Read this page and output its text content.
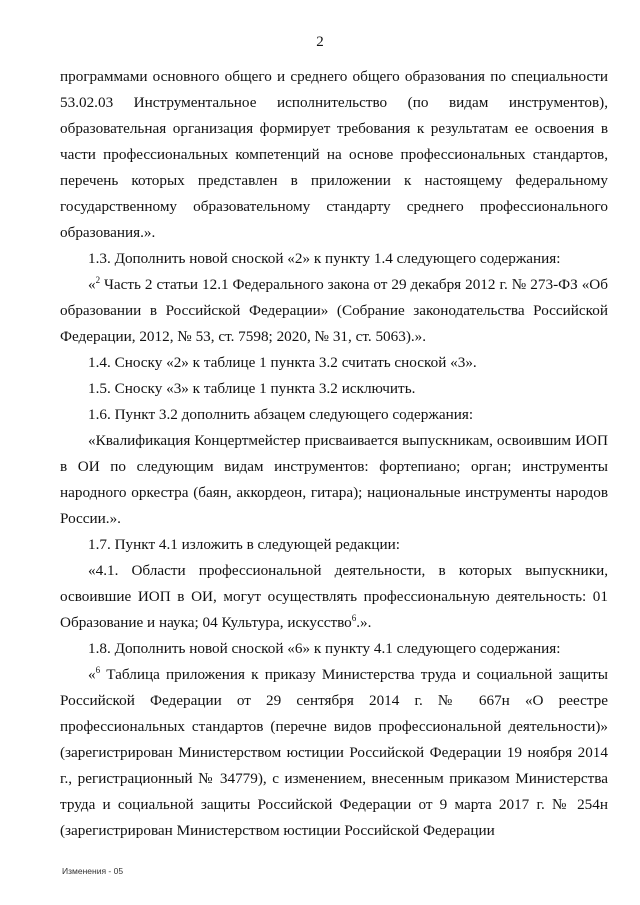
2

программами основного общего и среднего общего образования по специальности 53.02.03 Инструментальное исполнительство (по видам инструментов), образовательная организация формирует требования к результатам ее освоения в части профессиональных компетенций на основе профессиональных стандартов, перечень которых представлен в приложении к настоящему федеральному государственному образовательному стандарту среднего профессионального образования.».

1.3. Дополнить новой сноской «2» к пункту 1.4 следующего содержания:

«$^2$ Часть 2 статьи 12.1 Федерального закона от 29 декабря 2012 г. № 273-ФЗ «Об образовании в Российской Федерации» (Собрание законодательства Российской Федерации, 2012, № 53, ст. 7598; 2020, № 31, ст. 5063).».

1.4. Сноску «2» к таблице 1 пункта 3.2 считать сноской «3».

1.5. Сноску «3» к таблице 1 пункта 3.2 исключить.

1.6. Пункт 3.2 дополнить абзацем следующего содержания:

«Квалификация Концертмейстер присваивается выпускникам, освоившим ИОП в ОИ по следующим видам инструментов: фортепиано; орган; инструменты народного оркестра (баян, аккордеон, гитара); национальные инструменты народов России.».

1.7. Пункт 4.1 изложить в следующей редакции:

«4.1. Области профессиональной деятельности, в которых выпускники, освоившие ИОП в ОИ, могут осуществлять профессиональную деятельность: 01 Образование и наука; 04 Культура, искусство$^6$.».

1.8. Дополнить новой сноской «6» к пункту 4.1 следующего содержания:

«$^6$ Таблица приложения к приказу Министерства труда и социальной защиты Российской Федерации от 29 сентября 2014 г. № 667н «О реестре профессиональных стандартов (перечне видов профессиональной деятельности)» (зарегистрирован Министерством юстиции Российской Федерации 19 ноября 2014 г., регистрационный № 34779), с изменением, внесенным приказом Министерства труда и социальной защиты Российской Федерации от 9 марта 2017 г. № 254н (зарегистрирован Министерством юстиции Российской Федерации

Изменения - 05
